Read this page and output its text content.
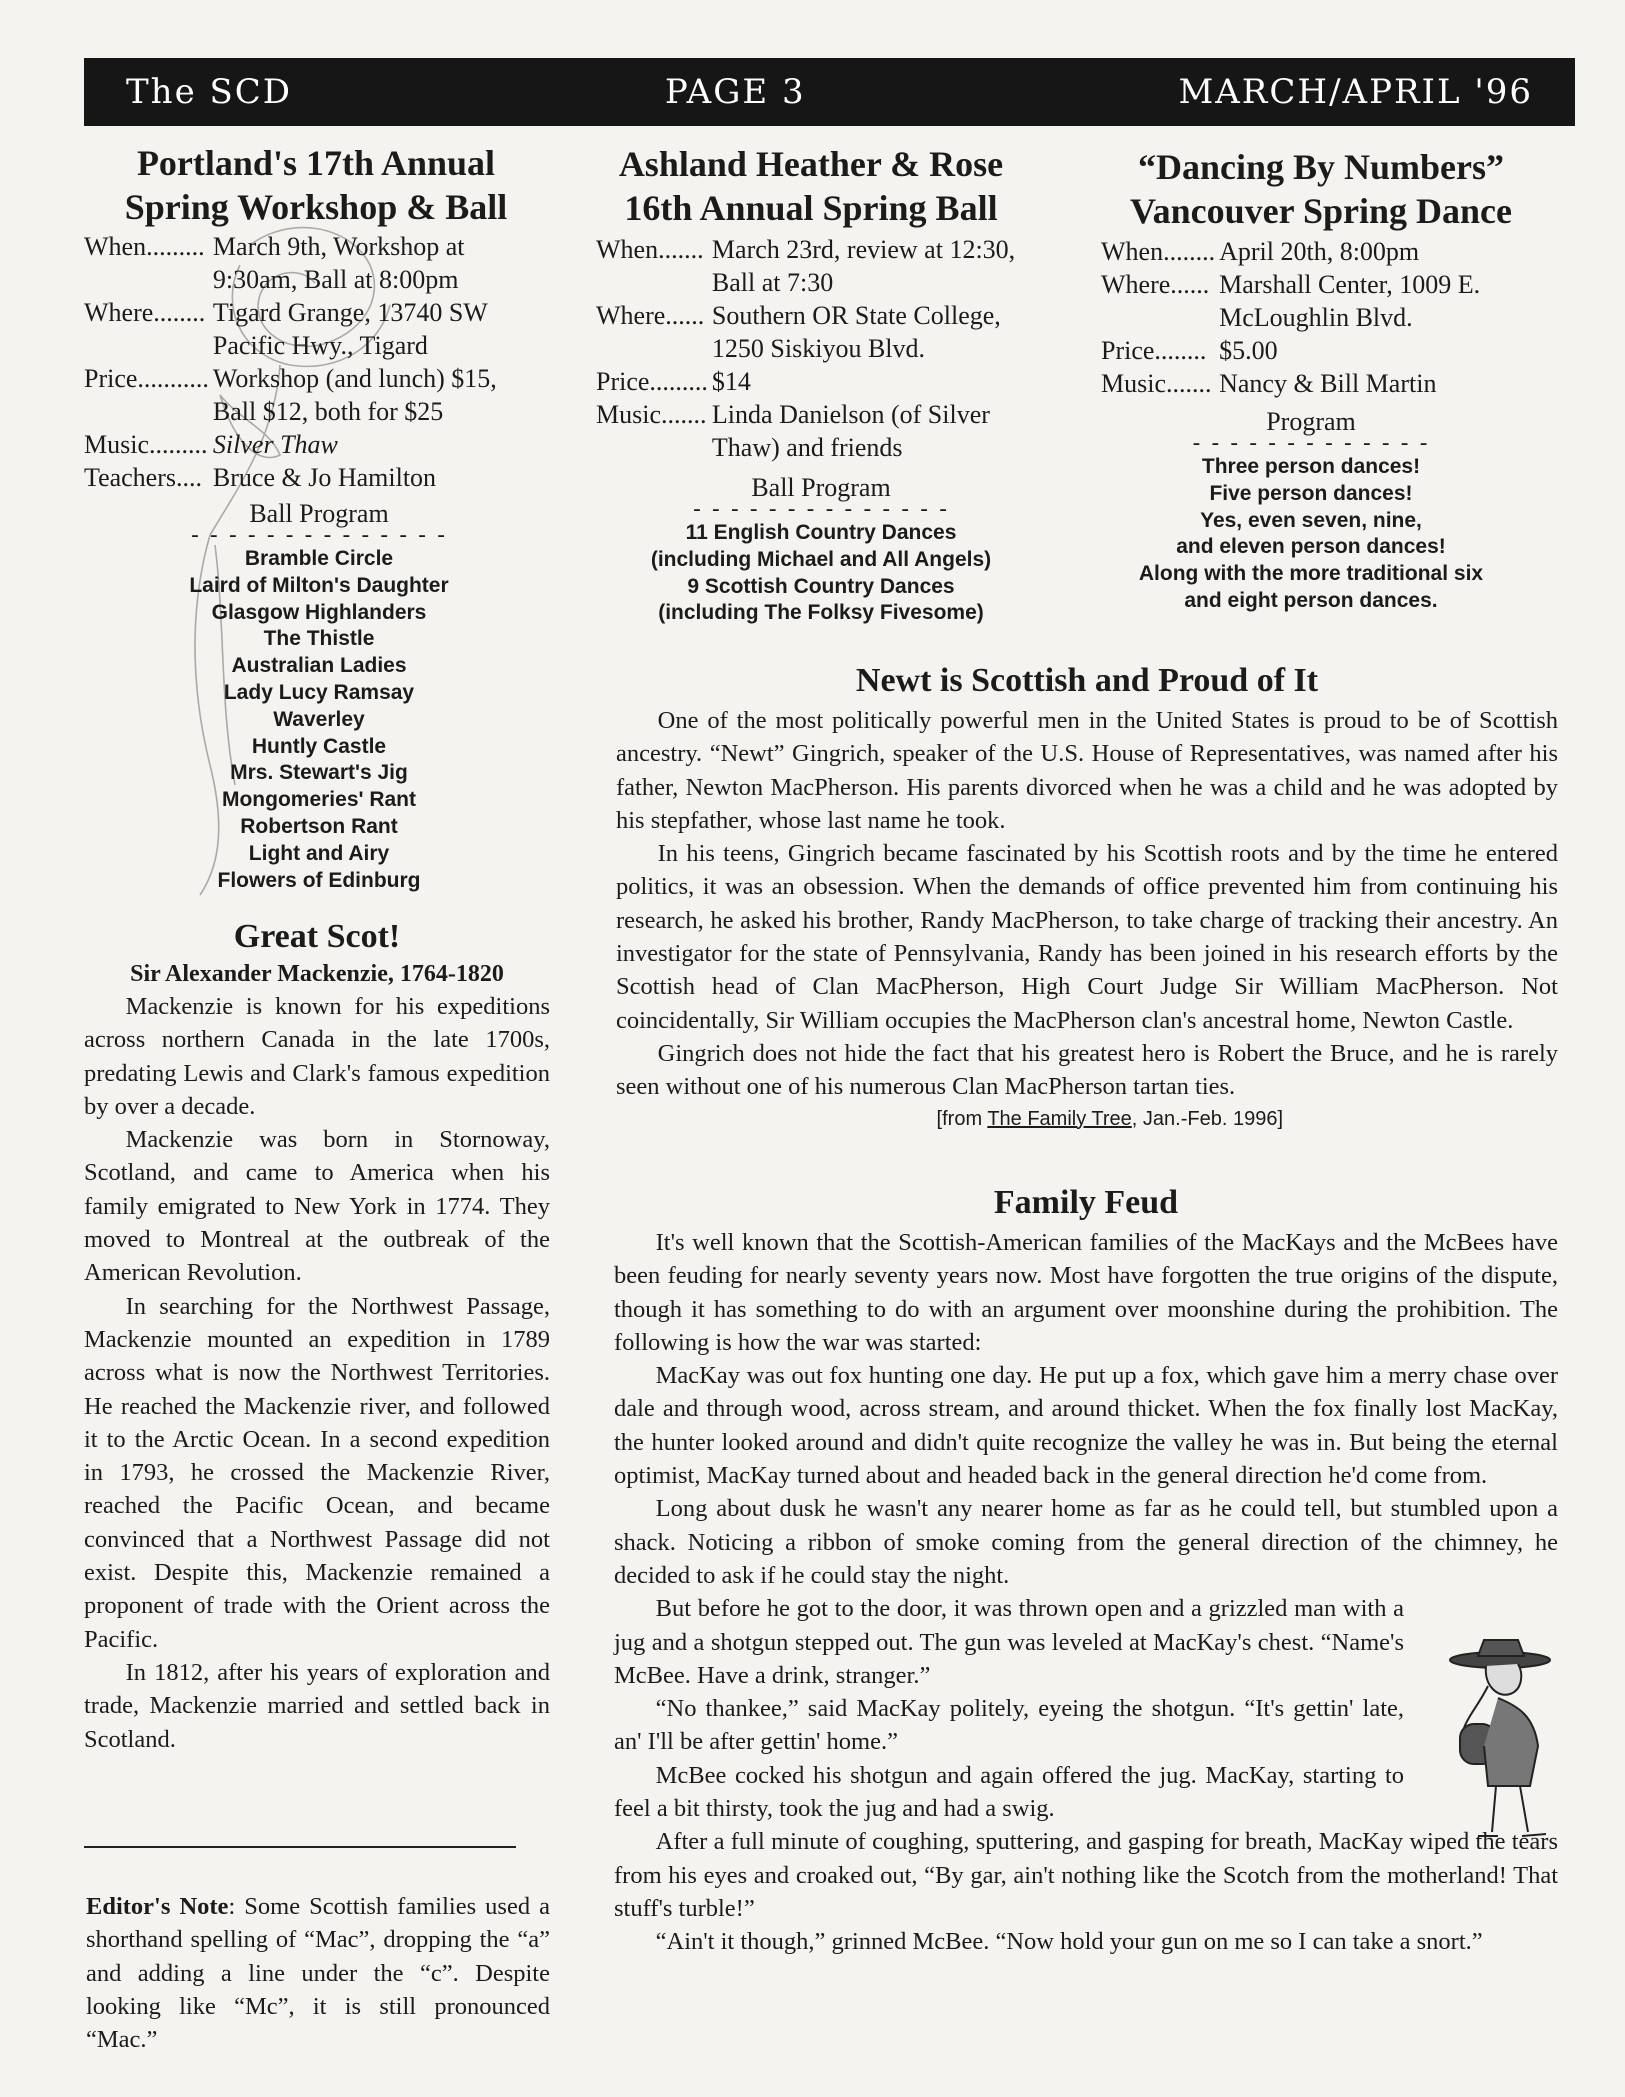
The SCD	PAGE 3	MARCH/APRIL '96

Portland's 17th Annual

Spring Workshop & Ball

When.........	March 9th, Workshop at 9:30am, Ball at 8:00pm
Where........	Tigard Grange, 13740 SW Pacific Hwy., Tigard
Price...........	Workshop (and lunch) $15, Ball $12, both for $25
Music.........	Silver Thaw
Teachers....	Bruce & Jo Hamilton
Ball Program
- - - - - - - - - - - - - -
Bramble Circle
Laird of Milton's Daughter
Glasgow Highlanders
The Thistle
Australian Ladies
Lady Lucy Ramsay
Waverley
Huntly Castle
Mrs. Stewart's Jig
Mongomeries' Rant
Robertson Rant
Light and Airy
Flowers of Edinburg

Ashland Heather & Rose

16th Annual Spring Ball

When.......	March 23rd, review at 12:30, Ball at 7:30
Where......	Southern OR State College, 1250 Siskiyou Blvd.
Price.........	$14
Music.......	Linda Danielson (of Silver Thaw) and friends
Ball Program
- - - - - - - - - - - - - -
11 English Country Dances
(including Michael and All Angels)
9 Scottish Country Dances
(including The Folksy Fivesome)

“Dancing By Numbers”

Vancouver Spring Dance

When........	April 20th, 8:00pm
Where......	Marshall Center, 1009 E. McLoughlin Blvd.
Price........	$5.00
Music.......	Nancy & Bill Martin
Program
- - - - - - - - - - - - -
Three person dances!
Five person dances!
Yes, even seven, nine,
and eleven person dances!
Along with the more traditional six
and eight person dances.
Great Scot!
Sir Alexander Mackenzie, 1764-1820

Mackenzie is known for his expeditions across northern Canada in the late 1700s, predating Lewis and Clark's famous expedition by over a decade.

Mackenzie was born in Stornoway, Scotland, and came to America when his family emigrated to New York in 1774. They moved to Montreal at the outbreak of the American Revolution.

In searching for the Northwest Passage, Mackenzie mounted an expedition in 1789 across what is now the Northwest Territories. He reached the Mackenzie river, and followed it to the Arctic Ocean. In a second expedition in 1793, he crossed the Mackenzie River, reached the Pacific Ocean, and became convinced that a Northwest Passage did not exist. Despite this, Mackenzie remained a proponent of trade with the Orient across the Pacific.

In 1812, after his years of exploration and trade, Mackenzie married and settled back in Scotland.

Editor's Note: Some Scottish families used a shorthand spelling of “Mac”, dropping the “a” and adding a line under the “c”. Despite looking like “Mc”, it is still pronounced “Mac.”

Newt is Scottish and Proud of It

One of the most politically powerful men in the United States is proud to be of Scottish ancestry. “Newt” Gingrich, speaker of the U.S. House of Representatives, was named after his father, Newton MacPherson. His parents divorced when he was a child and he was adopted by his stepfather, whose last name he took.

In his teens, Gingrich became fascinated by his Scottish roots and by the time he entered politics, it was an obsession. When the demands of office prevented him from continuing his research, he asked his brother, Randy MacPherson, to take charge of tracking their ancestry. An investigator for the state of Pennsylvania, Randy has been joined in his research efforts by the Scottish head of Clan MacPherson, High Court Judge Sir William MacPherson. Not coincidentally, Sir William occupies the MacPherson clan's ancestral home, Newton Castle.

Gingrich does not hide the fact that his greatest hero is Robert the Bruce, and he is rarely seen without one of his numerous Clan MacPherson tartan ties.

[from The Family Tree, Jan.-Feb. 1996]
Family Feud

It's well known that the Scottish-American families of the MacKays and the McBees have been feuding for nearly seventy years now. Most have forgotten the true origins of the dispute, though it has something to do with an argument over moonshine during the prohibition. The following is how the war was started:

MacKay was out fox hunting one day. He put up a fox, which gave him a merry chase over dale and through wood, across stream, and around thicket. When the fox finally lost MacKay, the hunter looked around and didn't quite recognize the valley he was in. But being the eternal optimist, MacKay turned about and headed back in the general direction he'd come from.

Long about dusk he wasn't any nearer home as far as he could tell, but stumbled upon a shack. Noticing a ribbon of smoke coming from the general direction of the chimney, he decided to ask if he could stay the night.

But before he got to the door, it was thrown open and a grizzled man with a jug and a shotgun stepped out. The gun was leveled at MacKay's chest. “Name's McBee. Have a drink, stranger.”

“No thankee,” said MacKay politely, eyeing the shotgun. “It's gettin' late, an' I'll be after gettin' home.”

McBee cocked his shotgun and again offered the jug. MacKay, starting to feel a bit thirsty, took the jug and had a swig.

After a full minute of coughing, sputtering, and gasping for breath, MacKay wiped the tears from his eyes and croaked out, “By gar, ain't nothing like the Scotch from the motherland! That stuff's turble!”

“Ain't it though,” grinned McBee. “Now hold your gun on me so I can take a snort.”
